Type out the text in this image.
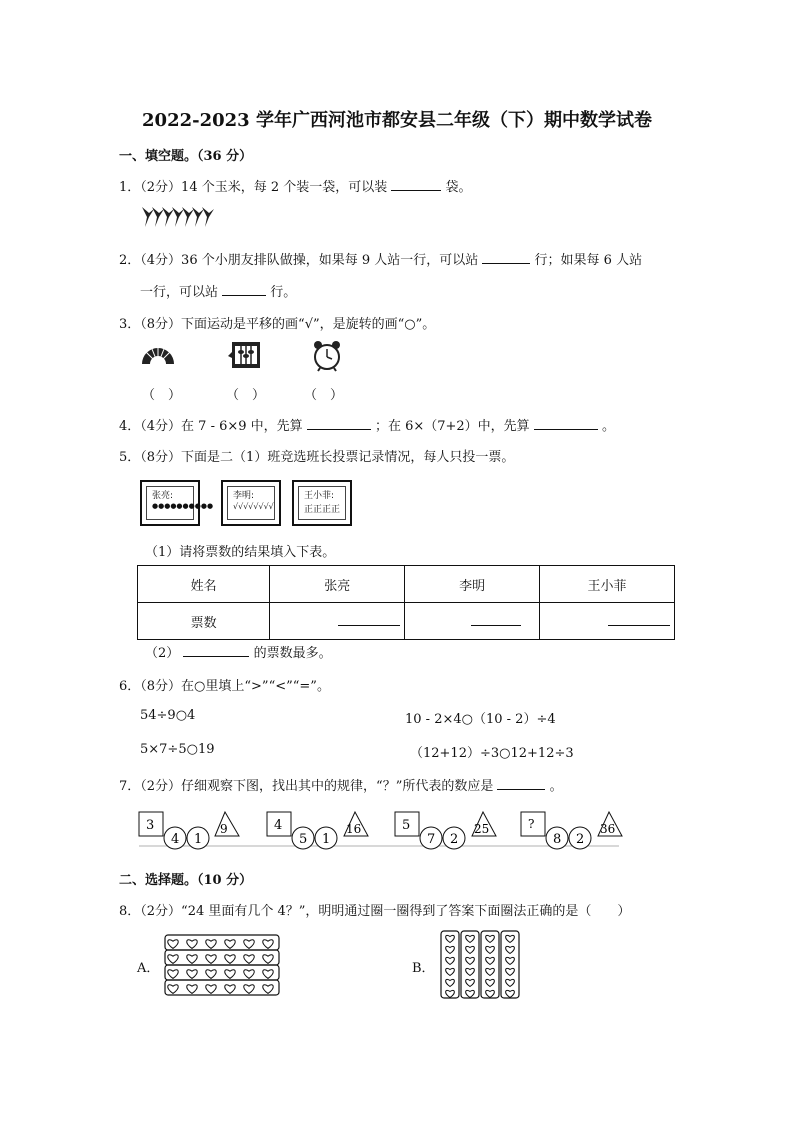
2022-2023 学年广西河池市都安县二年级（下）期中数学试卷
一、填空题。（36 分）
1．（2分）14 个玉米，每 2 个装一袋，可以装	袋。
2．（4分）36 个小朋友排队做操，如果每 9 人站一行，可以站	行；如果每 6 人站
一行，可以站	行。
3．（8分）下面运动是平移的画“√”，是旋转的画“○”。
（　）	（　）	（　）
4．（4分）在 7 - 6×9 中，先算	；在 6×（7+2）中，先算	。
5．（8分）下面是二（1）班竞选班长投票记录情况，每人只投一票。
张亮:
●●●●●●●●●●
李明:
√√√√√√√√
王小菲:
正正正正
（1）请将票数的结果填入下表。
姓名	张亮	李明	王小菲
票数			
（2）	的票数最多。
6．（8分）在○里填上“>”“<”“=”。
54÷9○4	10 - 2×4○（10 - 2）÷4
5×7÷5○19	（12+12）÷3○12+12÷3
7．（2分）仔细观察下图，找出其中的规律，“？”所代表的数应是	。
3
4 1
9	4
5 1
16	5
7 2
25	?
8 2
36
二、选择题。（10 分）
8．（2分）“24 里面有几个 4？”，明明通过圈一圈得到了答案下面圈法正确的是（　　）
A．	B．
